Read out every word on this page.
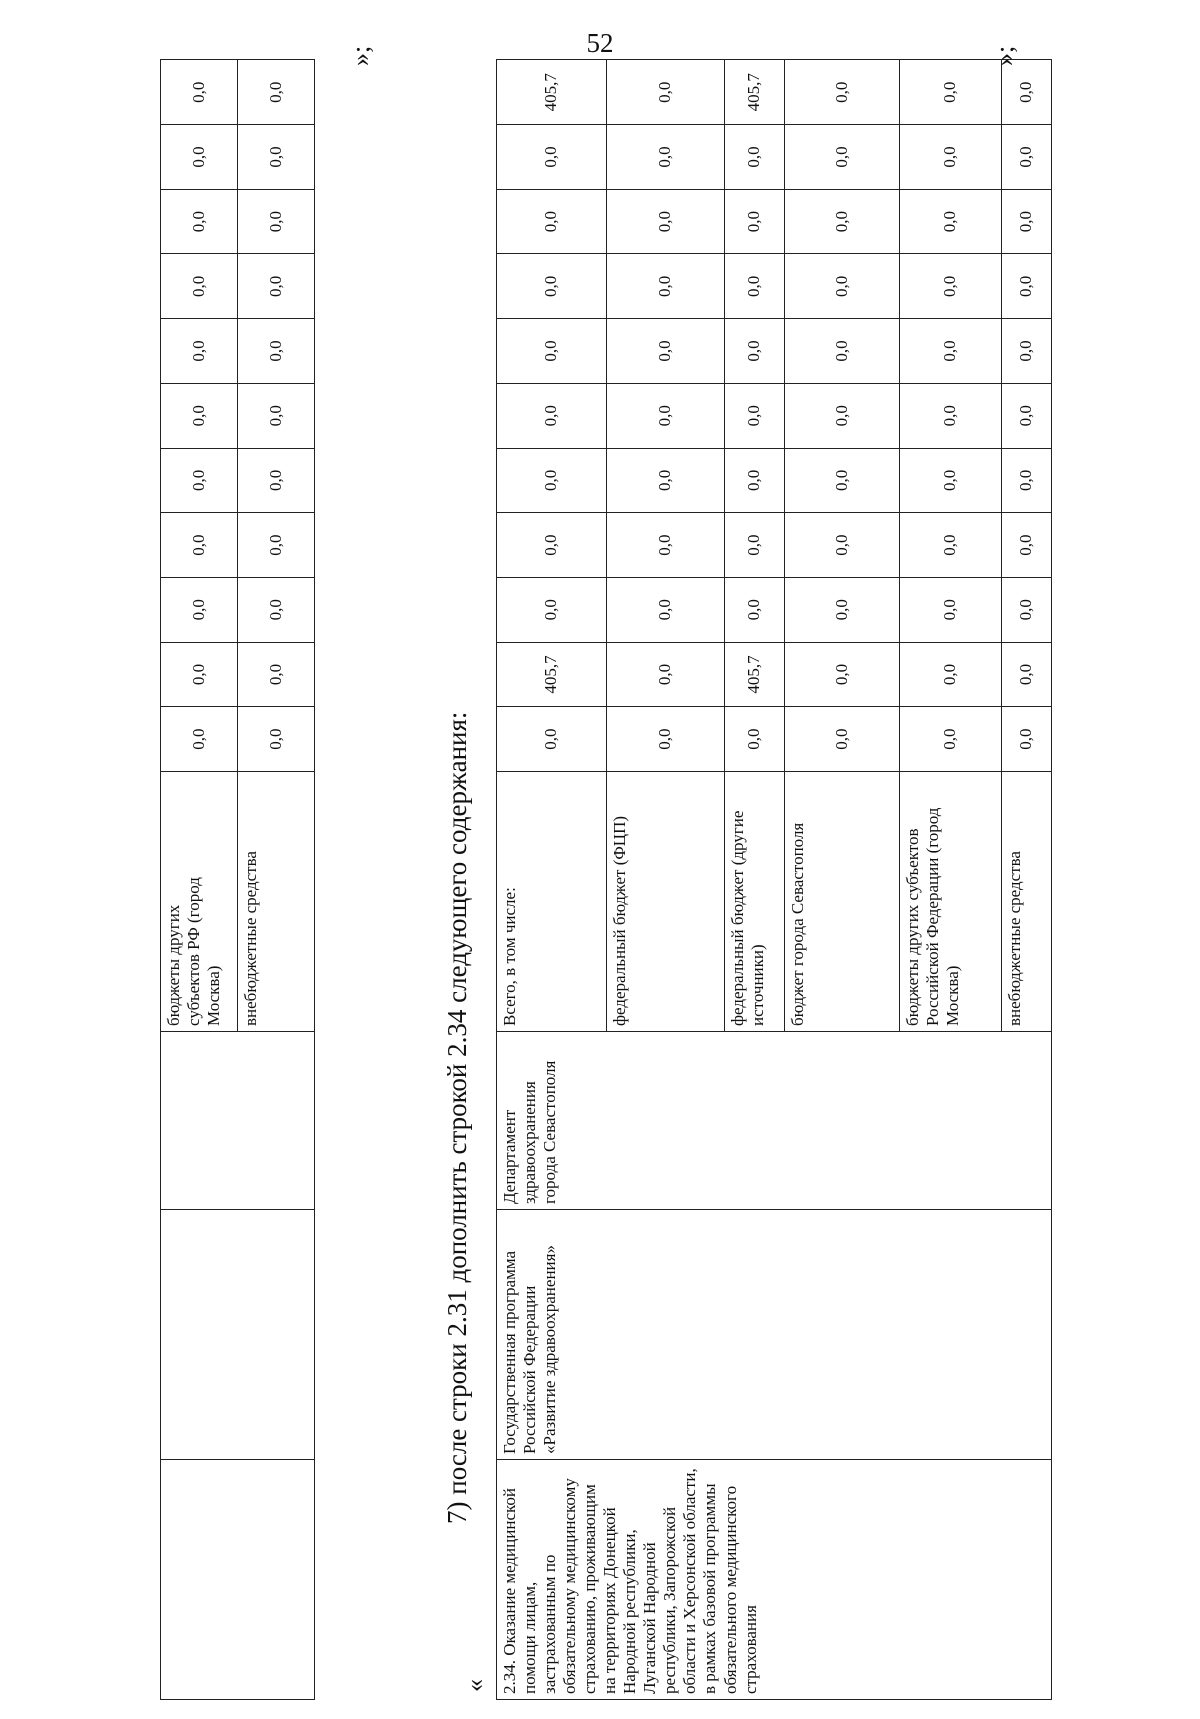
52
			бюджеты других
субъектов РФ (город
Москва)	0,0	0,0	0,0	0,0	0,0	0,0	0,0	0,0	0,0	0,0	0,0
			внебюджетные средства	0,0	0,0	0,0	0,0	0,0	0,0	0,0	0,0	0,0	0,0	0,0
»;
7) после строки 2.31 дополнить строкой 2.34 следующего содержания:
« 2.34. Оказание медицинской помощи лицам, застрахованным по обязательному медицинскому страхованию, проживающим на территориях Донецкой Народной республики, Луганской Народной республики, Запорожской области и Херсонской области, в рамках базовой программы обязательного медицинского страхования	Государственная программа Российской Федерации «Развитие здравоохранения»	Департамент здравоохранения города Севастополя	Всего, в том числе:	0,0	405,7	0,0	0,0	0,0	0,0	0,0	0,0	0,0	0,0	405,7
			федеральный бюджет (ФЦП)	0,0	0,0	0,0	0,0	0,0	0,0	0,0	0,0	0,0	0,0	0,0
			федеральный бюджет (другие источники)	0,0	405,7	0,0	0,0	0,0	0,0	0,0	0,0	0,0	0,0	405,7
			бюджет города Севастополя	0,0	0,0	0,0	0,0	0,0	0,0	0,0	0,0	0,0	0,0	0,0
			бюджеты других субъектов Российской Федерации (город Москва)	0,0	0,0	0,0	0,0	0,0	0,0	0,0	0,0	0,0	0,0	0,0
			внебюджетные средства	0,0	0,0	0,0	0,0	0,0	0,0	0,0	0,0	0,0	0,0	0,0
»;
